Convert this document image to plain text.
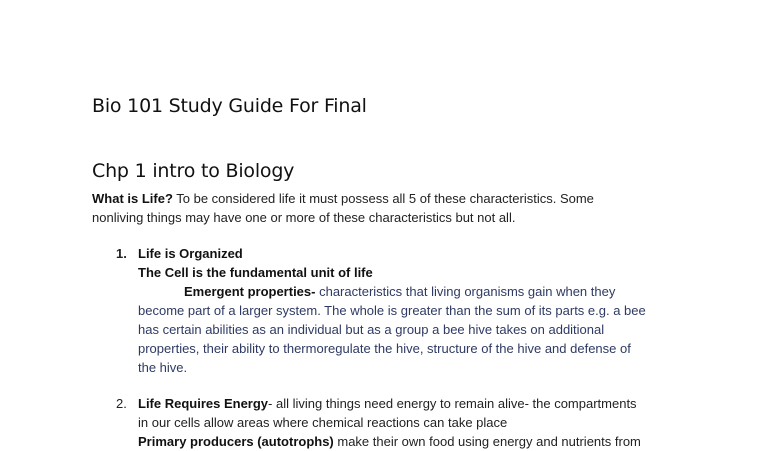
Bio 101 Study Guide For Final
Chp 1 intro to Biology

What is Life? To be considered life it must possess all 5 of these characteristics. Some
nonliving things may have one or more of these characteristics but not all.

1. Life is Organized
The Cell is the fundamental unit of life
Emergent properties- characteristics that living organisms gain when they
become part of a larger system. The whole is greater than the sum of its parts e.g. a bee
has certain abilities as an individual but as a group a bee hive takes on additional
properties, their ability to thermoregulate the hive, structure of the hive and defense of
the hive.
2. Life Requires Energy- all living things need energy to remain alive- the compartments
in our cells allow areas where chemical reactions can take place
Primary producers (autotrophs) make their own food using energy and nutrients from
